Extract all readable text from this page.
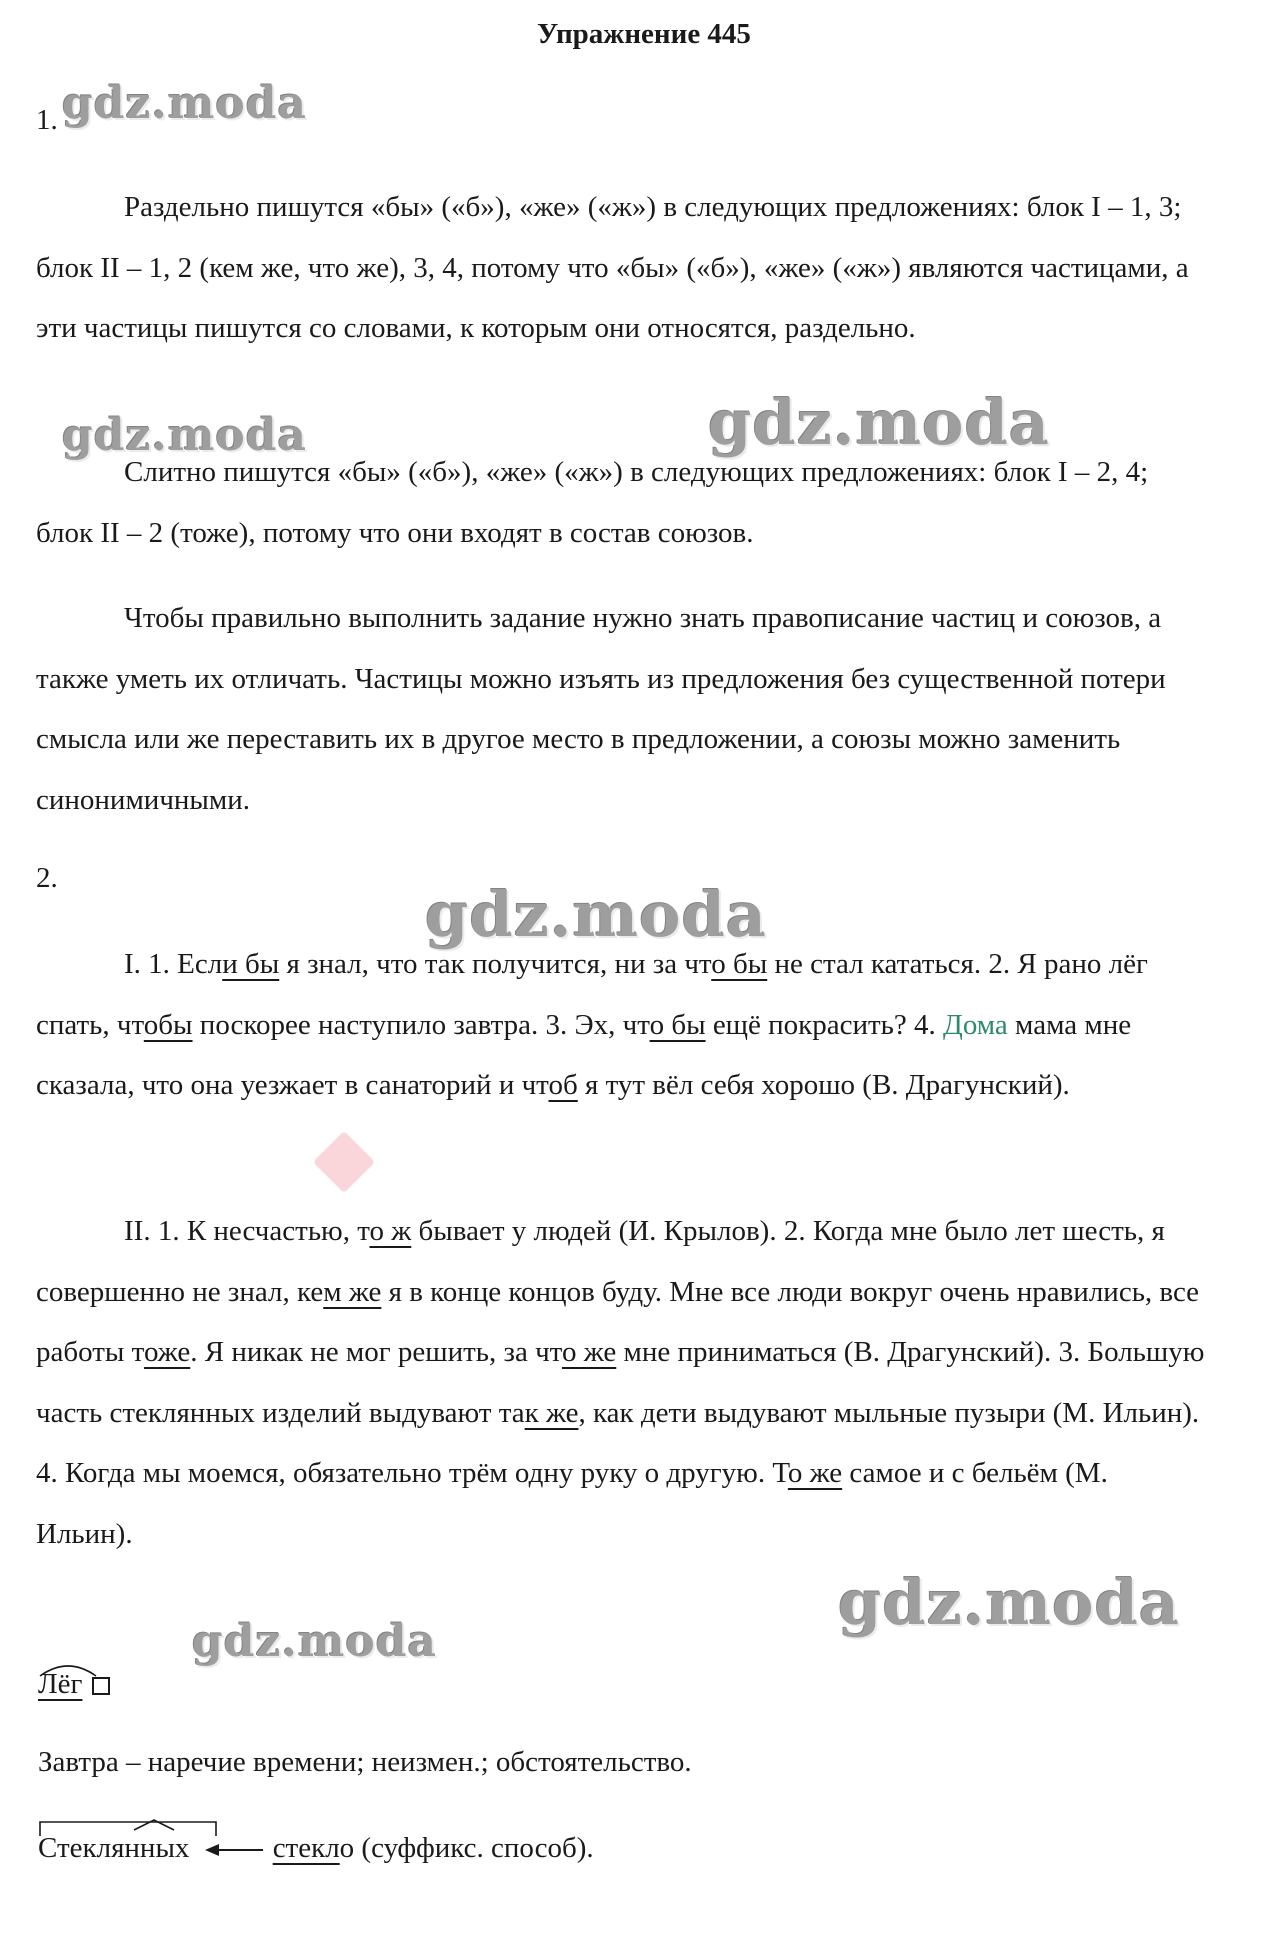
Упражнение 445
gdz.moda
gdz.moda	gdz.moda
gdz.moda
gdz.moda
gdz.moda
1.

Раздельно пишутся «бы» («б»), «же» («ж») в следующих предложениях: блок I – 1, 3; блок II – 1, 2 (кем же, что же), 3, 4, потому что «бы» («б»), «же» («ж») являются частицами, а эти частицы пишутся со словами, к которым они относятся, раздельно.

Слитно пишутся «бы» («б»), «же» («ж») в следующих предложениях: блок I – 2, 4; блок II – 2 (тоже), потому что они входят в состав союзов.

Чтобы правильно выполнить задание нужно знать правописание частиц и союзов, а также уметь их отличать. Частицы можно изъять из предложения без существенной потери смысла или же переставить их в другое место в предложении, а союзы можно заменить синонимичными.

2.

I. 1. Если бы я знал, что так получится, ни за что бы не стал кататься. 2. Я рано лёг спать, чтобы поскорее наступило завтра. 3. Эх, что бы ещё покрасить? 4. Дома мама мне сказала, что она уезжает в санаторий и чтоб я тут вёл себя хорошо (В. Драгунский).

II. 1. К несчастью, то ж бывает у людей (И. Крылов). 2. Когда мне было лет шесть, я совершенно не знал, кем же я в конце концов буду. Мне все люди вокруг очень нравились, все работы тоже. Я никак не мог решить, за что же мне приниматься (В. Драгунский). 3. Большую часть стеклянных изделий выдувают так же, как дети выдувают мыльные пузыри (М. Ильин). 4. Когда мы моемся, обязательно трём одну руку о другую. То же самое и с бельём (М. Ильин).

Лёг
Завтра – наречие времени; неизмен.; обстоятельство.
Стеклянных	стекло (суффикс. способ).
